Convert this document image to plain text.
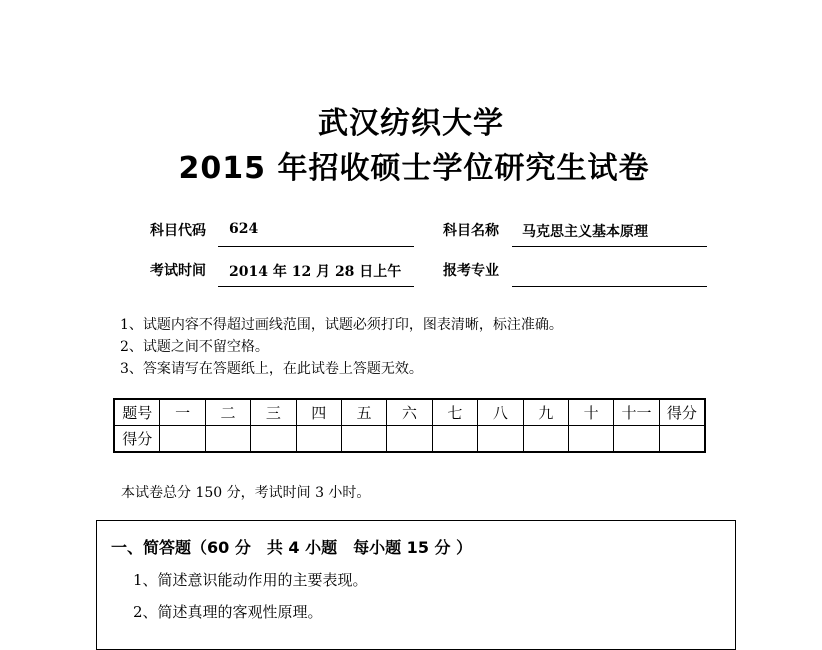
武汉纺织大学
2015 年招收硕士学位研究生试卷
科目代码 624	科目名称 马克思主义基本原理
考试时间 2014 年 12 月 28 日上午	报考专业
1、试题内容不得超过画线范围，试题必须打印，图表清晰，标注准确。
2、试题之间不留空格。
3、答案请写在答题纸上，在此试卷上答题无效。
题号	一	二	三	四	五	六	七	八	九	十	十一	得分
得分												
本试卷总分 150 分，考试时间 3 小时。
一、简答题（60 分　共 4 小题　每小题 15 分 ）
1、简述意识能动作用的主要表现。
2、简述真理的客观性原理。
